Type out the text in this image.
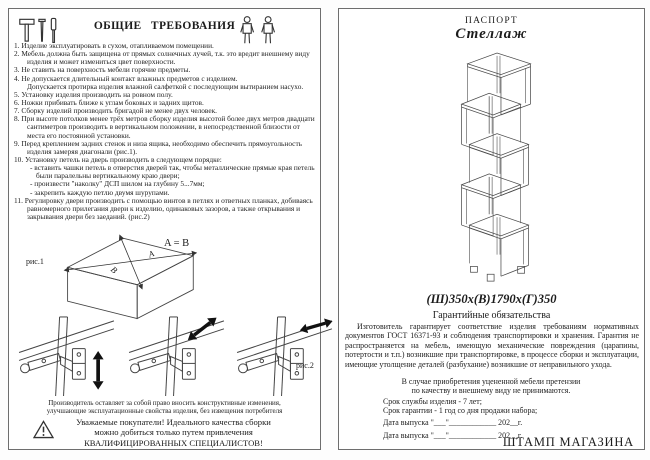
ОБЩИЕ ТРЕБОВАНИЯ

1. Изделие эксплуатировать в сухом, отапливаемом помещении.

2. Мебель должна быть защищена от прямых солнечных лучей, т.к. это вредит внешнему виду изделия и может измениться цвет поверхности.

3. Не ставить на поверхность мебели горячие предметы.

4. Не допускается длительный контакт влажных предметов с изделием.

Допускается протирка изделия влажной салфеткой с последующим вытиранием насухо.

5. Установку изделия производить на ровном полу.

6. Ножки прибивать ближе к углам боковых и задних щитов.

7. Сборку изделий производить бригадой не менее двух человек.

8. При высоте потолков менее трёх метров сборку изделия высотой более двух метров двадцати сантиметров производить в вертикальном положении, в непосредственной близости от места его постоянной установки.

9. Перед креплением задних стенок и низа ящика, необходимо обеспечить прямоугольность изделия замеряя диагонали (рис.1).

10. Установку петель на дверь производить в следующем порядке:

- вставить чашки петель в отверстия дверей так, чтобы металлические прямые края петель были паралельны вертикальному краю двери;

- произвести "наколку" ДСП шилом на глубину 5...7мм;

- закрепить каждую петлю двумя шурупами.

11. Регулировку двери производить с помощью винтов в петлях и ответных планках, добиваясь равномерного прилегания двери к изделию, одинаковых зазоров, а также открывания и закрывания двери без заеданий. (рис.2)

рис.1
A
B
A = B
рис.2
Производитель оставляет за собой право вносить конструктивные изменения,
улучшающие эксплуатационные свойства изделия, без извещения потребителя
Уважаемые покупатели! Идеального качества сборки
можно добиться только путем привлечения
КВАЛИФИЦИРОВАННЫХ СПЕЦИАЛИСТОВ!
ПАСПОРТ
Стеллаж
(Ш)350х(В)1790х(Г)350
Гарантийные обязательства

Изготовитель гарантирует соответствие изделия требованиям нормативных документов ГОСТ 16371-93 и соблюдения транспортировки и хранения. Гарантия не распространяется на мебель, имеющую механические повреждения (царапины, потертости и т.п.) возникшие при транспортировке, в процессе сборки и эксплуатации, имеющие утолщение деталей (разбухание) возникшие от неправильного ухода.

В случае приобретения уцененной мебели претензии
по качеству и внешнему виду не принимаются.
Срок службы изделия - 7 лет;
Срок гарантии - 1 год со дня продажи набора;
Дата выпуска "___"____________ 202__г.
Дата выпуска "___"____________ 202__г.
ШТАМП МАГАЗИНА
